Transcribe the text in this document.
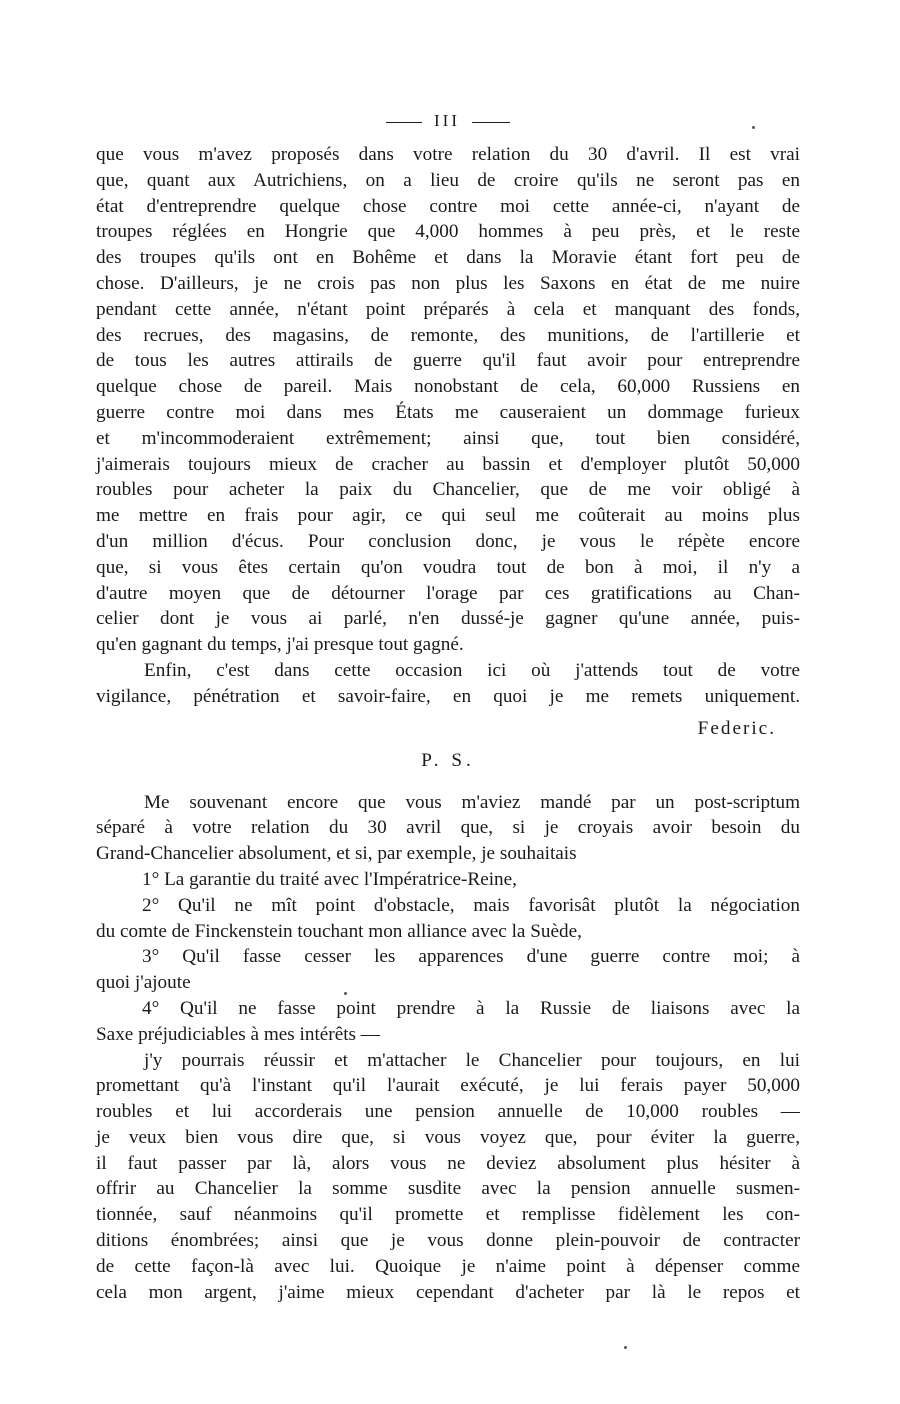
III
que vous m'avez proposés dans votre relation du 30 d'avril. Il est vrai
que, quant aux Autrichiens, on a lieu de croire qu'ils ne seront pas en
état d'entreprendre quelque chose contre moi cette année-ci, n'ayant de
troupes réglées en Hongrie que 4,000 hommes à peu près, et le reste
des troupes qu'ils ont en Bohême et dans la Moravie étant fort peu de
chose. D'ailleurs, je ne crois pas non plus les Saxons en état de me nuire
pendant cette année, n'étant point préparés à cela et manquant des fonds,
des recrues, des magasins, de remonte, des munitions, de l'artillerie et
de tous les autres attirails de guerre qu'il faut avoir pour entreprendre
quelque chose de pareil. Mais nonobstant de cela, 60,000 Russiens en
guerre contre moi dans mes États me causeraient un dommage furieux
et m'incommoderaient extrêmement; ainsi que, tout bien considéré,
j'aimerais toujours mieux de cracher au bassin et d'employer plutôt 50,000
roubles pour acheter la paix du Chancelier, que de me voir obligé à
me mettre en frais pour agir, ce qui seul me coûterait au moins plus
d'un million d'écus. Pour conclusion donc, je vous le répète encore
que, si vous êtes certain qu'on voudra tout de bon à moi, il n'y a
d'autre moyen que de détourner l'orage par ces gratifications au Chan-
celier dont je vous ai parlé, n'en dussé-je gagner qu'une année, puis-
qu'en gagnant du temps, j'ai presque tout gagné.
Enfin, c'est dans cette occasion ici où j'attends tout de votre
vigilance, pénétration et savoir-faire, en quoi je me remets uniquement.
Federic.
P. S.
Me souvenant encore que vous m'aviez mandé par un post-scriptum
séparé à votre relation du 30 avril que, si je croyais avoir besoin du
Grand-Chancelier absolument, et si, par exemple, je souhaitais
1° La garantie du traité avec l'Impératrice-Reine,
2° Qu'il ne mît point d'obstacle, mais favorisât plutôt la négociation
du comte de Finckenstein touchant mon alliance avec la Suède,
3° Qu'il fasse cesser les apparences d'une guerre contre moi; à
quoi j'ajoute
4° Qu'il ne fasse point prendre à la Russie de liaisons avec la
Saxe préjudiciables à mes intérêts —
j'y pourrais réussir et m'attacher le Chancelier pour toujours, en lui
promettant qu'à l'instant qu'il l'aurait exécuté, je lui ferais payer 50,000
roubles et lui accorderais une pension annuelle de 10,000 roubles —
je veux bien vous dire que, si vous voyez que, pour éviter la guerre,
il faut passer par là, alors vous ne deviez absolument plus hésiter à
offrir au Chancelier la somme susdite avec la pension annuelle susmen-
tionnée, sauf néanmoins qu'il promette et remplisse fidèlement les con-
ditions énombrées; ainsi que je vous donne plein-pouvoir de contracter
de cette façon-là avec lui. Quoique je n'aime point à dépenser comme
cela mon argent, j'aime mieux cependant d'acheter par là le repos et
